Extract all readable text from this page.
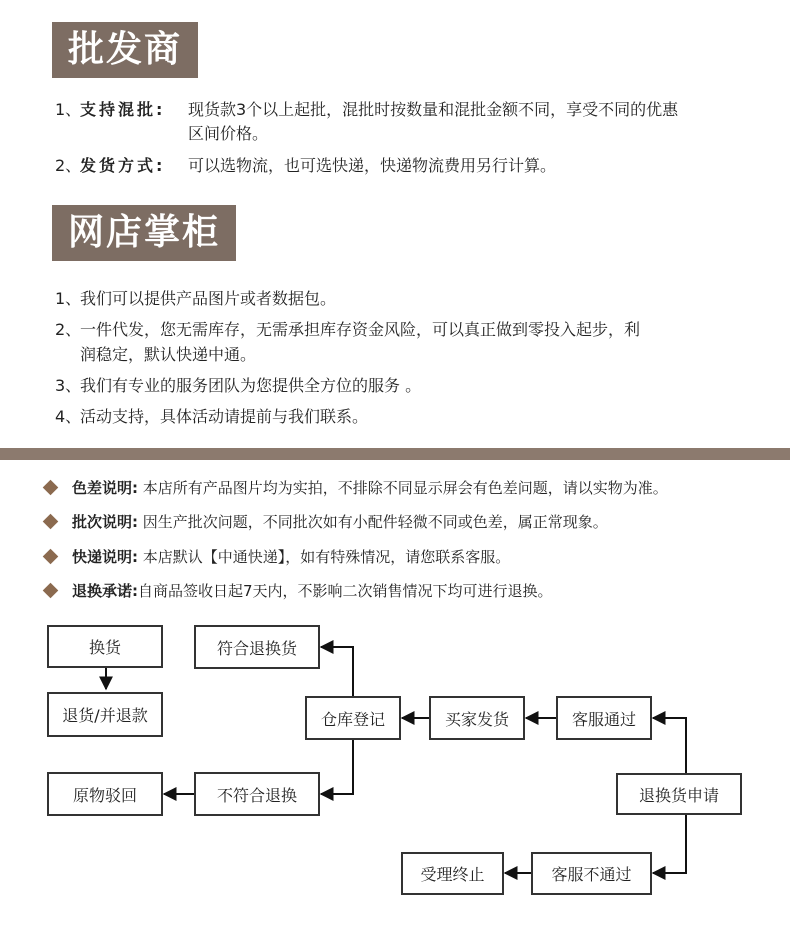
批发商
1、
支持混批: 现货款3个以上起批，混批时按数量和混批金额不同，享受不同的优惠
区间价格。
2、
发货方式: 可以选物流，也可选快递，快递物流费用另行计算。
网店掌柜
1、
我们可以提供产品图片或者数据包。
2、
一件代发，您无需库存，无需承担库存资金风险，可以真正做到零投入起步，利
润稳定，默认快递中通。
3、
我们有专业的服务团队为您提供全方位的服务 。
4、
活动支持，具体活动请提前与我们联系。
色差说明: 本店所有产品图片均为实拍，不排除不同显示屏会有色差问题，请以实物为准。
批次说明: 因生产批次问题，不同批次如有小配件轻微不同或色差，属正常现象。
快递说明: 本店默认【中通快递】，如有特殊情况，请您联系客服。
退换承诺:自商品签收日起7天内，不影响二次销售情况下均可进行退换。
换货
退货/并退款
原物驳回
符合退换货
不符合退换
仓库登记	买家发货	客服通过
退换货申请
客服不通过
受理终止
